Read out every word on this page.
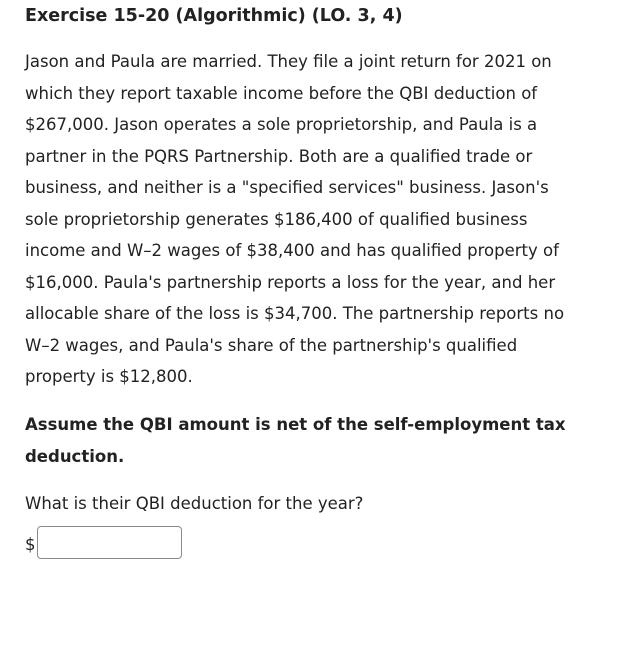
Exercise 15-20 (Algorithmic) (LO. 3, 4)
Jason and Paula are married. They file a joint return for 2021 on
which they report taxable income before the QBI deduction of
$267,000. Jason operates a sole proprietorship, and Paula is a
partner in the PQRS Partnership. Both are a qualified trade or
business, and neither is a "specified services" business. Jason's
sole proprietorship generates $186,400 of qualified business
income and W–2 wages of $38,400 and has qualified property of
$16,000. Paula's partnership reports a loss for the year, and her
allocable share of the loss is $34,700. The partnership reports no
W–2 wages, and Paula's share of the partnership's qualified
property is $12,800.
Assume the QBI amount is net of the self-employment tax
deduction.
What is their QBI deduction for the year?
$
